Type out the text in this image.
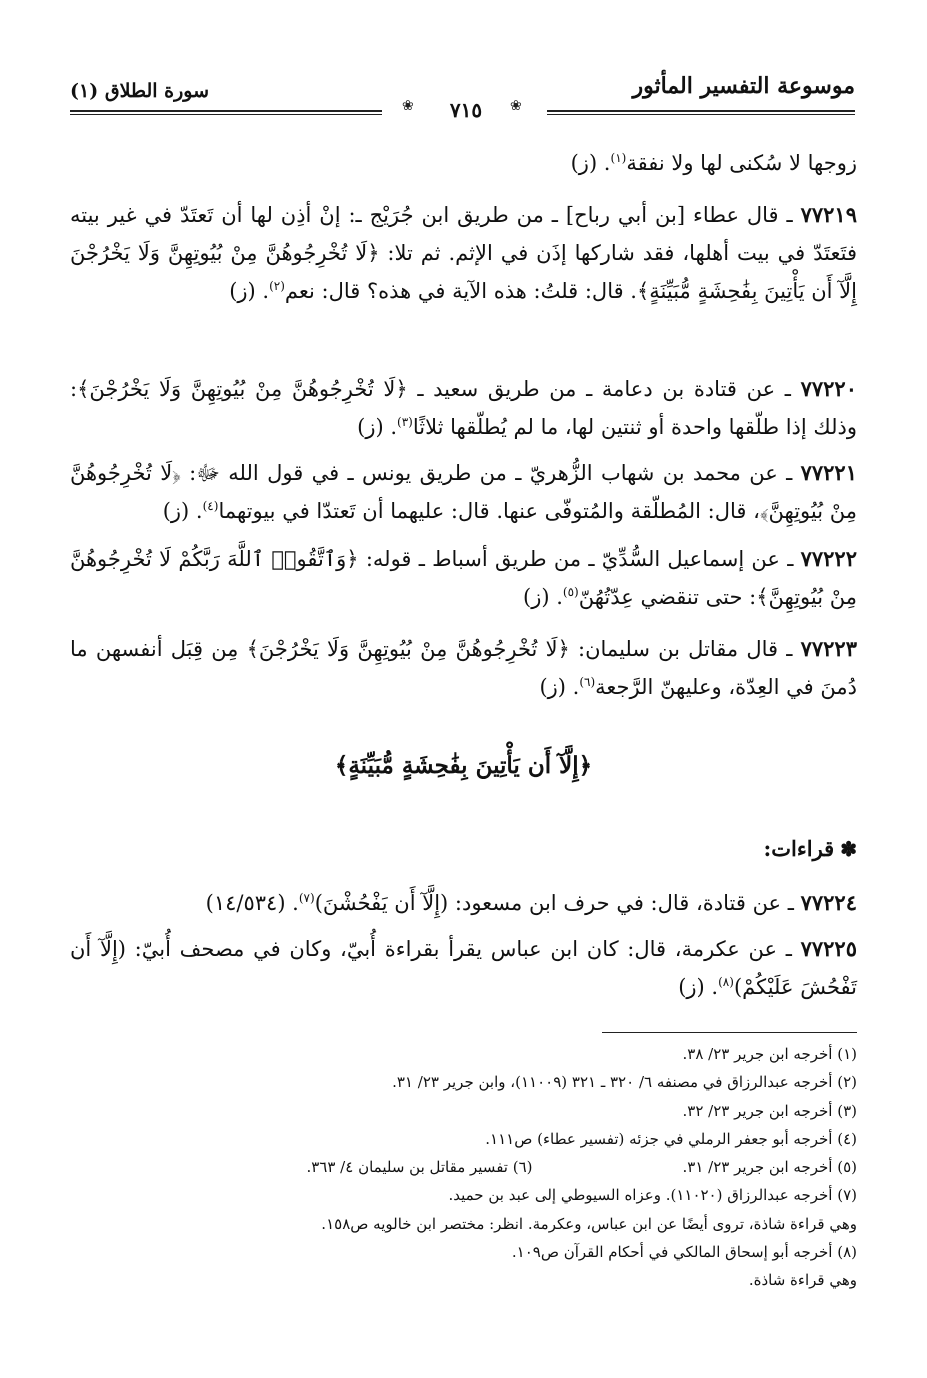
موسوعة التفسير المأثور
سورة الطلاق (١)
❀
❀	٧١٥
زوجها لا سُكنى لها ولا نفقة$^{(١)}$. (ز)
٧٧٢١٩ ـ قال عطاء [بن أبي رباح] ـ من طريق ابن جُرَيْج ـ: إنْ أذِن لها أن تَعتَدّ في غير بيته فتَعتَدّ في بيت أهلها، فقد شاركها إذَن في الإثم. ثم تلا: ﴿لَا تُخْرِجُوهُنَّ مِنْ بُيُوتِهِنَّ وَلَا يَخْرُجْنَ إِلَّآ أَن يَأْتِينَ بِفَٰحِشَةٍ مُّبَيِّنَةٍ﴾. قال: قلتُ: هذه الآية في هذه؟ قال: نعم$^{(٢)}$. (ز)
٧٧٢٢٠ ـ عن قتادة بن دعامة ـ من طريق سعيد ـ ﴿لَا تُخْرِجُوهُنَّ مِنْ بُيُوتِهِنَّ وَلَا يَخْرُجْنَ﴾: وذلك إذا طلّقها واحدة أو ثنتين لها، ما لم يُطلّقها ثلاثًا$^{(٣)}$. (ز)
٧٧٢٢١ ـ عن محمد بن شهاب الزُّهريّ ـ من طريق يونس ـ في قول الله ﷻ: ﴿لَا تُخْرِجُوهُنَّ مِنْ بُيُوتِهِنَّ﴾، قال: المُطلّقة والمُتوفّى عنها. قال: عليهما أن تَعتدّا في بيوتهما$^{(٤)}$. (ز)
٧٧٢٢٢ ـ عن إسماعيل السُّدِّيّ ـ من طريق أسباط ـ قوله: ﴿وَٱتَّقُوا۟ ٱللَّهَ رَبَّكُمْ لَا تُخْرِجُوهُنَّ مِنْ بُيُوتِهِنَّ﴾: حتى تنقضي عِدّتُهُنّ$^{(٥)}$. (ز)
٧٧٢٢٣ ـ قال مقاتل بن سليمان: ﴿لَا تُخْرِجُوهُنَّ مِنْ بُيُوتِهِنَّ وَلَا يَخْرُجْنَ﴾ مِن قِبَل أنفسهن ما دُمنَ في العِدّة، وعليهنّ الرَّجعة$^{(٦)}$. (ز)
﴿إِلَّآ أَن يَأْتِينَ بِفَٰحِشَةٍ مُّبَيِّنَةٍ﴾
✽قراءات:
٧٧٢٢٤ ـ عن قتادة، قال: في حرف ابن مسعود: (إِلَّآ أَن يَفْحُشْنَ)$^{(٧)}$. (١٤/٥٣٤)
٧٧٢٢٥ ـ عن عكرمة، قال: كان ابن عباس يقرأ بقراءة أُبيّ، وكان في مصحف أُبيّ: (إِلَّآ أَن تَفْحُشَ عَلَيْكُمْ)$^{(٨)}$. (ز)
(١) أخرجه ابن جرير ٢٣/ ٣٨.
(٢) أخرجه عبدالرزاق في مصنفه ٦/ ٣٢٠ ـ ٣٢١ (١١٠٠٩)، وابن جرير ٢٣/ ٣١.
(٣) أخرجه ابن جرير ٢٣/ ٣٢.
(٤) أخرجه أبو جعفر الرملي في جزئه (تفسير عطاء) ص١١١.
(٥) أخرجه ابن جرير ٢٣/ ٣١.(٦) تفسير مقاتل بن سليمان ٤/ ٣٦٣.
(٧) أخرجه عبدالرزاق (١١٠٢٠). وعزاه السيوطي إلى عبد بن حميد.
وهي قراءة شاذة، تروى أيضًا عن ابن عباس، وعكرمة. انظر: مختصر ابن خالويه ص١٥٨.
(٨) أخرجه أبو إسحاق المالكي في أحكام القرآن ص١٠٩.
وهي قراءة شاذة.
